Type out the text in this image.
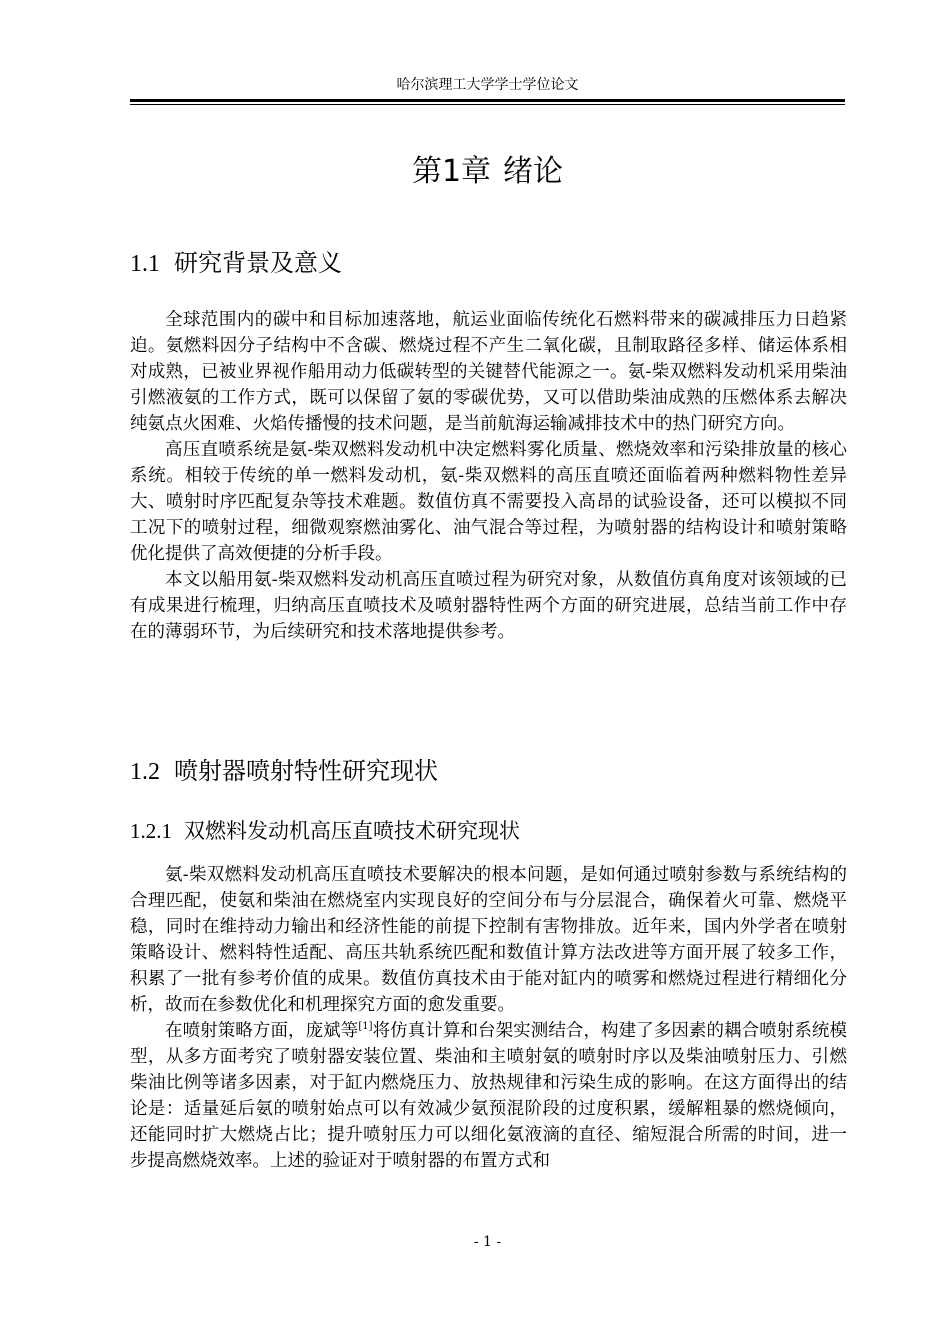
哈尔滨理工大学学士学位论文
第1章 绪论
1.1 研究背景及意义

全球范围内的碳中和目标加速落地，航运业面临传统化石燃料带来的碳减排压力日趋紧迫。氨燃料因分子结构中不含碳、燃烧过程不产生二氧化碳，且制取路径多样、储运体系相对成熟，已被业界视作船用动力低碳转型的关键替代能源之一。氨-柴双燃料发动机采用柴油引燃液氨的工作方式，既可以保留了氨的零碳优势，又可以借助柴油成熟的压燃体系去解决纯氨点火困难、火焰传播慢的技术问题，是当前航海运输减排技术中的热门研究方向。

高压直喷系统是氨-柴双燃料发动机中决定燃料雾化质量、燃烧效率和污染排放量的核心系统。相较于传统的单一燃料发动机，氨-柴双燃料的高压直喷还面临着两种燃料物性差异大、喷射时序匹配复杂等技术难题。数值仿真不需要投入高昂的试验设备，还可以模拟不同工况下的喷射过程，细微观察燃油雾化、油气混合等过程，为喷射器的结构设计和喷射策略优化提供了高效便捷的分析手段。

本文以船用氨-柴双燃料发动机高压直喷过程为研究对象，从数值仿真角度对该领域的已有成果进行梳理，归纳高压直喷技术及喷射器特性两个方面的研究进展，总结当前工作中存在的薄弱环节，为后续研究和技术落地提供参考。

1.2 喷射器喷射特性研究现状
1.2.1 双燃料发动机高压直喷技术研究现状

氨-柴双燃料发动机高压直喷技术要解决的根本问题，是如何通过喷射参数与系统结构的合理匹配，使氨和柴油在燃烧室内实现良好的空间分布与分层混合，确保着火可靠、燃烧平稳，同时在维持动力输出和经济性能的前提下控制有害物排放。近年来，国内外学者在喷射策略设计、燃料特性适配、高压共轨系统匹配和数值计算方法改进等方面开展了较多工作，积累了一批有参考价值的成果。数值仿真技术由于能对缸内的喷雾和燃烧过程进行精细化分析，故而在参数优化和机理探究方面的愈发重要。

在喷射策略方面，庞斌等[1]将仿真计算和台架实测结合，构建了多因素的耦合喷射系统模型，从多方面考究了喷射器安装位置、柴油和主喷射氨的喷射时序以及柴油喷射压力、引燃柴油比例等诸多因素，对于缸内燃烧压力、放热规律和污染生成的影响。在这方面得出的结论是：适量延后氨的喷射始点可以有效减少氨预混阶段的过度积累，缓解粗暴的燃烧倾向，还能同时扩大燃烧占比；提升喷射压力可以细化氨液滴的直径、缩短混合所需的时间，进一步提高燃烧效率。上述的验证对于喷射器的布置方式和

- 1 -
